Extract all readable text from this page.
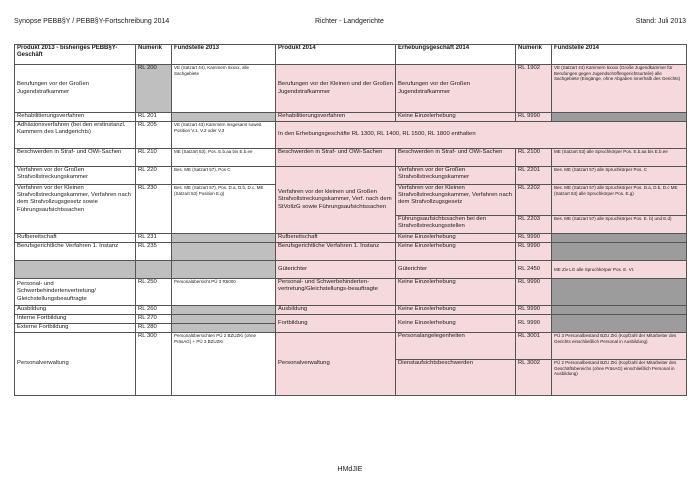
Synopse PEBB§Y / PEBB§Y-Fortschreibung 2014	Richter - Landgerichte	Stand: Juli 2013
Produkt 2013 - bisheriges PEBB§Y-Geschäft	Numerik	Fundstelle 2013	Produkt 2014	Erhebungsgeschäft 2014	Numerik	Fundstelle 2014
Berufungen vor der Großen Jugendstrafkammer	RL 200	VE (Satzart 44), Kammern 5xxxx, alle Sachgebiete	Berufungen vor der Kleinen und der Großen Jugendstrafkammer	Berufungen vor der Großen Jugendstrafkammer	RL 1902	VE (Satzart 44) Kammern 5xxxx (Große Jugendkammer für Berufungen gegen Jugendschöffengerichtsurteile) alle Sachgebiete (Eingänge, ohne Abgaben innerhalb des Gerichts)
Rehabilitierungsverfahren	RL 201		Rehabilitierungsverfahren	Keine Einzelerhebung	RL 9990	
Adhäsionsverfahren (bei den erstinstanzl. Kammern des Landgerichts)	RL 205	VE (Satzart 43) Kammern insgesamt soweit Position V.1, V.2 oder V.3	In den Erhebungsgeschäfte RL 1300, RL 1400, RL 1500, RL 1800 enthalten			
Beschwerden in Straf- und OWi-Sachen	RL 210	ME (Satzart 53), Pos. E.b.aa bis E.b.ee	Beschwerden in Straf- und OWi-Sachen	Beschwerden in Straf- und OWi-Sachen	RL 2100	ME (Satzart 53) alle Spruchkörper Pos. E.b.aa bis E.b.ee
Verfahren vor der Großen Strafvollstreckungskammer	RL 220	Bes. ME (Satzart 57), Pos C	Verfahren vor der kleinen und Großen Strafvollstreckungskammer, Verf. nach dem StVollzG sowie Führungsaufsichtssachen	Verfahren vor der Großen Strafvollstreckungskammer	RL 2201	Bes. ME (Satzart 57) alle Spruchkörper Pos. C
Verfahren vor der Kleinen Strafvollstreckungskammer, Verfahren nach dem Strafvollzugsgesetz sowie Führungsaufsichtssachen	RL 230	Bes. ME (Satzart 57), Pos. D.a, D.b, D.c, ME (Satzart 53) Position E.g)		Verfahren vor der Kleinen Strafvollstreckungskammer, Verfahren nach dem Strafvollzugsgesetz	RL 2202	Bes. ME (Satzart 57) alle Spruchkörper Pos. D.a, D.b, D.c ME (Satzart 53) alle Spruchkörper Pos. E.g)
				Führungsaufsichtssachen bei den Strafvollstreckungsstellen	RL 2203	Bes. ME (Satzart 57) alle Spruchkörper Pos. E. b) und E.d)
Rufbereitschaft	RL 231		Rufbereitschaft	Keine Einzelerhebung	RL 9990	
Berufsgerichtliche Verfahren 1. Instanz	RL 235		Berufsgerichtliche Verfahren 1. Instanz	Keine Einzelerhebung	RL 9990	
			Güterichter	Güterichter	RL 2450	ME Ziv LG alle Spruchkörper Pos. E. VI.
Personal- und Schwerbehindertenvertretung/ Gleichstellungsbeauftragte	RL 250	Personalübersicht PÜ 3 R5000	Personal- und Schwerbehinderten-vertretung/Gleichstellungs-beauftragte	Keine Einzelerhebung	RL 9990	
Ausbildung	RL 260		Ausbildung	Keine Einzelerhebung	RL 9990	
Interne Fortbildung	RL 270		Fortbildung	Keine Einzelerhebung	RL 9990	
Externe Fortbildung	RL 280					
Personalverwaltung	RL 300	Personalübersichten PÜ 2 BZUZKi (ohne PräsAG) + PÜ 3 BZUZKi	Personalverwaltung	Personalangelegenheiten	RL 3001	PÜ 3 Personalbestand BZU ZKi (Kopfzahl der Mitarbeiter des Gerichts einschließlich Personal in Ausbildung)
				Dienstaufsichtsbeschwerden	RL 3002	PÜ 2 Personalbestand BZU ZKi (Kopfzahl der Mitarbeiter des Geschäftsbereichs (ohne PräsAG) einschließlich Personal in Ausbildung)
HMdJIE
